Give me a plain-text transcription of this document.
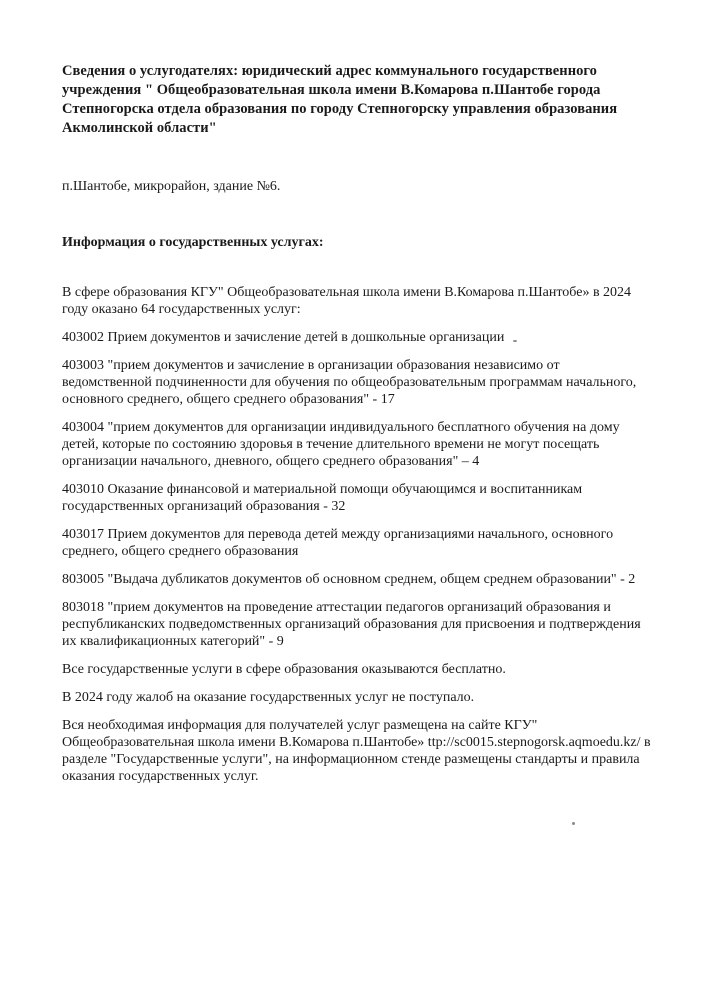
Сведения о услугодателях: юридический адрес коммунального государственного учреждения " Общеобразовательная школа имени В.Комарова п.Шантобе города Степногорска отдела образования по городу Степногорску управления образования Акмолинской области"
п.Шантобе, микрорайон, здание №6.
Информация о государственных услугах:

В сфере образования КГУ" Общеобразовательная школа имени В.Комарова п.Шантобе» в 2024 году оказано 64 государственных услуг:

403002 Прием документов и зачисление детей в дошкольные организации

403003 "прием документов и зачисление в организации образования независимо от ведомственной подчиненности для обучения по общеобразовательным программам начального, основного среднего, общего среднего образования" - 17

403004 "прием документов для организации индивидуального бесплатного обучения на дому детей, которые по состоянию здоровья в течение длительного времени не могут посещать организации начального, дневного, общего среднего образования" – 4

403010 Оказание финансовой и материальной помощи обучающимся и воспитанникам государственных организаций образования - 32

403017 Прием документов для перевода детей между организациями начального, основного среднего, общего среднего образования

803005 "Выдача дубликатов документов об основном среднем, общем среднем образовании" - 2

803018 "прием документов на проведение аттестации педагогов организаций образования и республиканских подведомственных организаций образования для присвоения и подтверждения их квалификационных категорий" - 9

Все государственные услуги в сфере образования оказываются бесплатно.

В 2024 году жалоб на оказание государственных услуг не поступало.

Вся необходимая информация для получателей услуг размещена на сайте КГУ" Общеобразовательная школа имени В.Комарова п.Шантобе» ttp://sc0015.stepnogorsk.aqmoedu.kz/ в разделе "Государственные услуги", на информационном стенде размещены стандарты и правила оказания государственных услуг.
